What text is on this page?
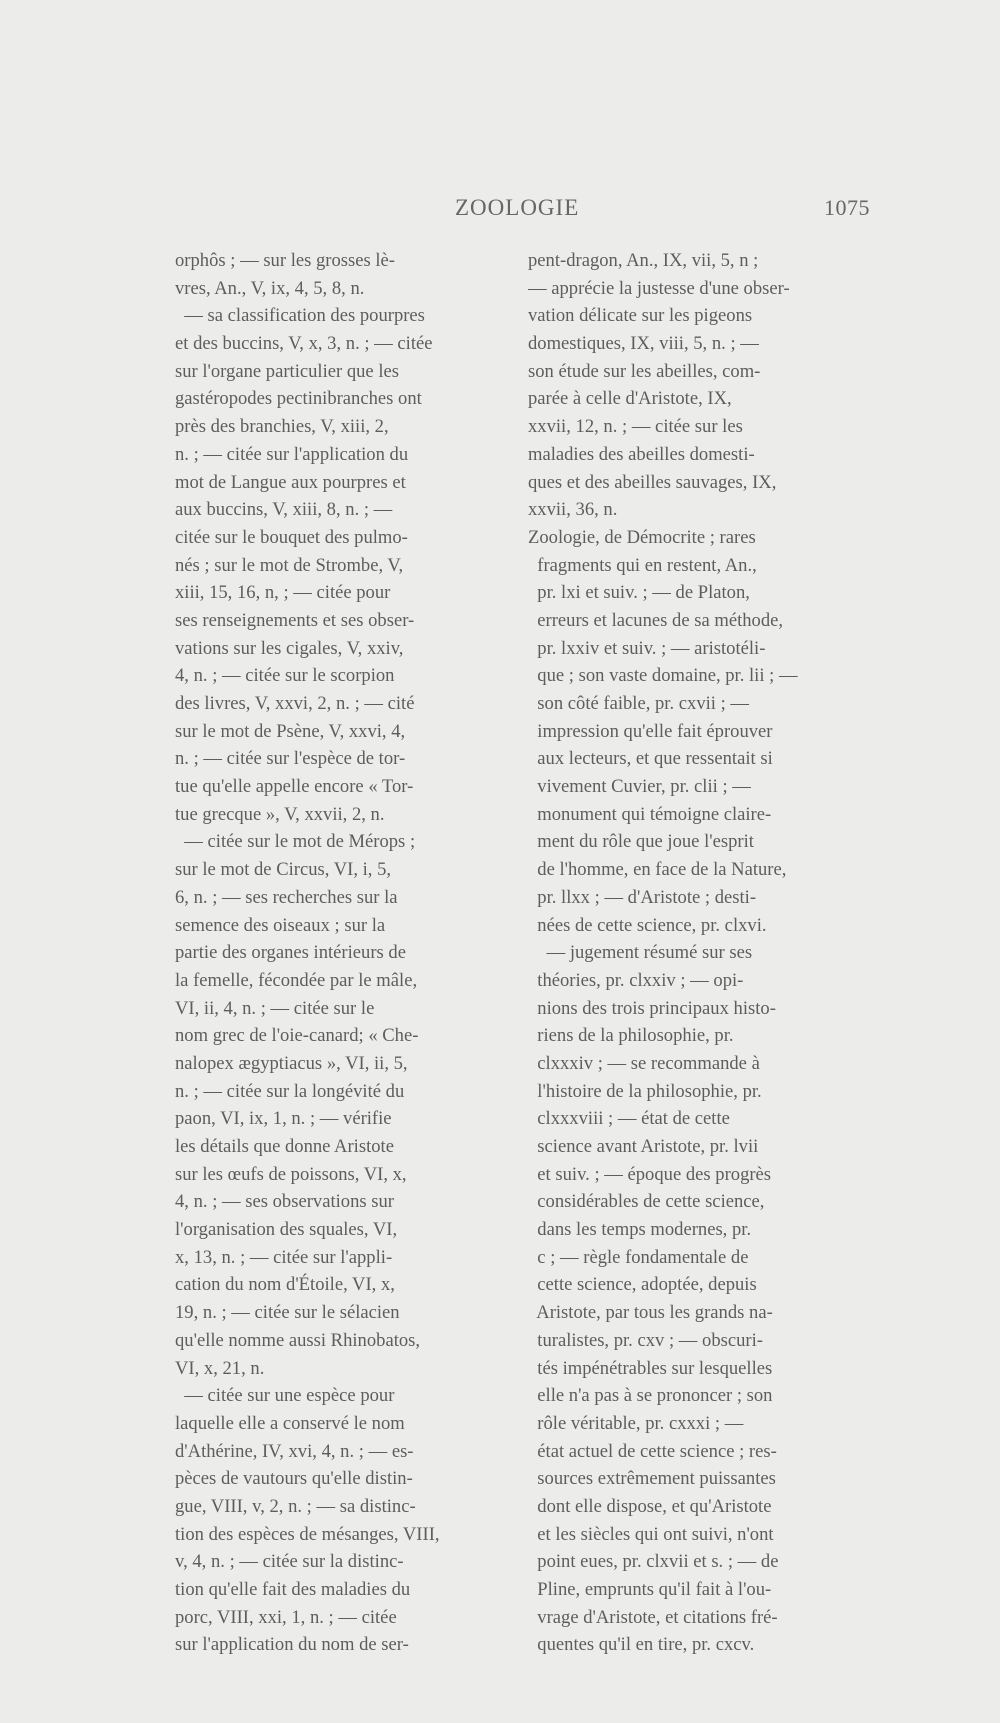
ZOOLOGIE	1075
orphôs ; — sur les grosses lè-
vres, An., V, ix, 4, 5, 8, n.
— sa classification des pourpres
et des buccins, V, x, 3, n. ; — citée
sur l'organe particulier que les
gastéropodes pectinibranches ont
près des branchies, V, xiii, 2,
n. ; — citée sur l'application du
mot de Langue aux pourpres et
aux buccins, V, xiii, 8, n. ; —
citée sur le bouquet des pulmo-
nés ; sur le mot de Strombe, V,
xiii, 15, 16, n, ; — citée pour
ses renseignements et ses obser-
vations sur les cigales, V, xxiv,
4, n. ; — citée sur le scorpion
des livres, V, xxvi, 2, n. ; — cité
sur le mot de Psène, V, xxvi, 4,
n. ; — citée sur l'espèce de tor-
tue qu'elle appelle encore « Tor-
tue grecque », V, xxvii, 2, n.
— citée sur le mot de Mérops ;
sur le mot de Circus, VI, i, 5,
6, n. ; — ses recherches sur la
semence des oiseaux ; sur la
partie des organes intérieurs de
la femelle, fécondée par le mâle,
VI, ii, 4, n. ; — citée sur le
nom grec de l'oie-canard; « Che-
nalopex ægyptiacus », VI, ii, 5,
n. ; — citée sur la longévité du
paon, VI, ix, 1, n. ; — vérifie
les détails que donne Aristote
sur les œufs de poissons, VI, x,
4, n. ; — ses observations sur
l'organisation des squales, VI,
x, 13, n. ; — citée sur l'appli-
cation du nom d'Étoile, VI, x,
19, n. ; — citée sur le sélacien
qu'elle nomme aussi Rhinobatos,
VI, x, 21, n.
— citée sur une espèce pour
laquelle elle a conservé le nom
d'Athérine, IV, xvi, 4, n. ; — es-
pèces de vautours qu'elle distin-
gue, VIII, v, 2, n. ; — sa distinc-
tion des espèces de mésanges, VIII,
v, 4, n. ; — citée sur la distinc-
tion qu'elle fait des maladies du
porc, VIII, xxi, 1, n. ; — citée
sur l'application du nom de ser-
pent-dragon, An., IX, vii, 5, n ;
— apprécie la justesse d'une obser-
vation délicate sur les pigeons
domestiques, IX, viii, 5, n. ; —
son étude sur les abeilles, com-
parée à celle d'Aristote, IX,
xxvii, 12, n. ; — citée sur les
maladies des abeilles domesti-
ques et des abeilles sauvages, IX,
xxvii, 36, n.
Zoologie, de Démocrite ; rares
fragments qui en restent, An.,
pr. lxi et suiv. ; — de Platon,
erreurs et lacunes de sa méthode,
pr. lxxiv et suiv. ; — aristotéli-
que ; son vaste domaine, pr. lii ; —
son côté faible, pr. cxvii ; —
impression qu'elle fait éprouver
aux lecteurs, et que ressentait si
vivement Cuvier, pr. clii ; —
monument qui témoigne claire-
ment du rôle que joue l'esprit
de l'homme, en face de la Nature,
pr. llxx ; — d'Aristote ; desti-
nées de cette science, pr. clxvi.
— jugement résumé sur ses
théories, pr. clxxiv ; — opi-
nions des trois principaux histo-
riens de la philosophie, pr.
clxxxiv ; — se recommande à
l'histoire de la philosophie, pr.
clxxxviii ; — état de cette
science avant Aristote, pr. lvii
et suiv. ; — époque des progrès
considérables de cette science,
dans les temps modernes, pr.
c ; — règle fondamentale de
cette science, adoptée, depuis
Aristote, par tous les grands na-
turalistes, pr. cxv ; — obscuri-
tés impénétrables sur lesquelles
elle n'a pas à se prononcer ; son
rôle véritable, pr. cxxxi ; —
état actuel de cette science ; res-
sources extrêmement puissantes
dont elle dispose, et qu'Aristote
et les siècles qui ont suivi, n'ont
point eues, pr. clxvii et s. ; — de
Pline, emprunts qu'il fait à l'ou-
vrage d'Aristote, et citations fré-
quentes qu'il en tire, pr. cxcv.
